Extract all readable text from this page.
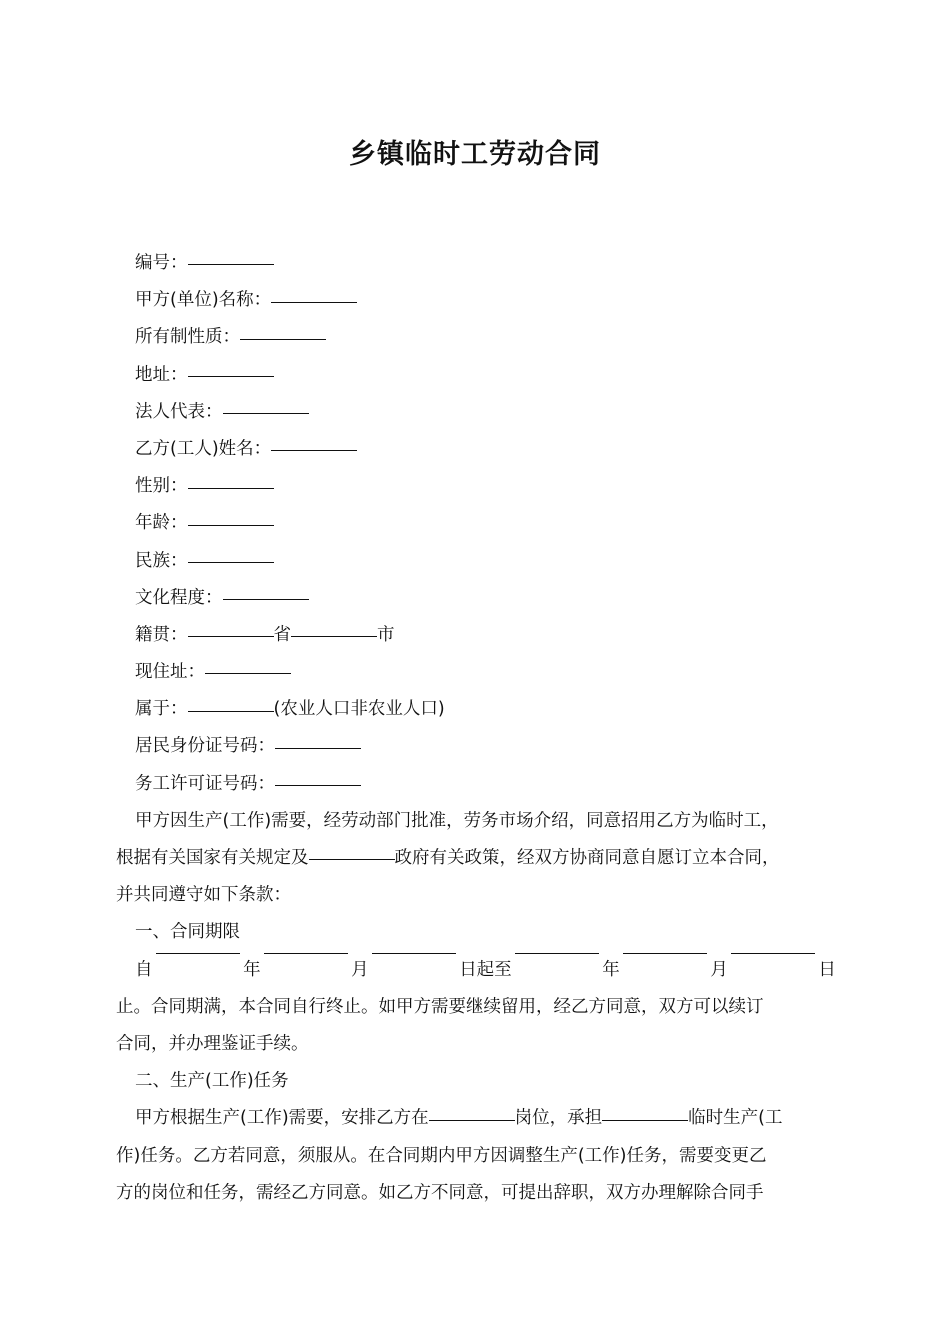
乡镇临时工劳动合同
编号：
甲方(单位)名称：
所有制性质：
地址：
法人代表：
乙方(工人)姓名：
性别：
年龄：
民族：
文化程度：
籍贯：	省	市
现住址：
属于：	(农业人口非农业人口)
居民身份证号码：
务工许可证号码：
甲方因生产(工作)需要，经劳动部门批准，劳务市场介绍，同意招用乙方为临时工，
根据有关国家有关规定及	政府有关政策，经双方协商同意自愿订立本合同，
并共同遵守如下条款：
一、合同期限
自	年	月	日起至	年	月	日
止。合同期满，本合同自行终止。如甲方需要继续留用，经乙方同意，双方可以续订
合同，并办理鉴证手续。
二、生产(工作)任务
甲方根据生产(工作)需要，安排乙方在	岗位，承担	临时生产(工
作)任务。乙方若同意，须服从。在合同期内甲方因调整生产(工作)任务，需要变更乙
方的岗位和任务，需经乙方同意。如乙方不同意，可提出辞职，双方办理解除合同手
